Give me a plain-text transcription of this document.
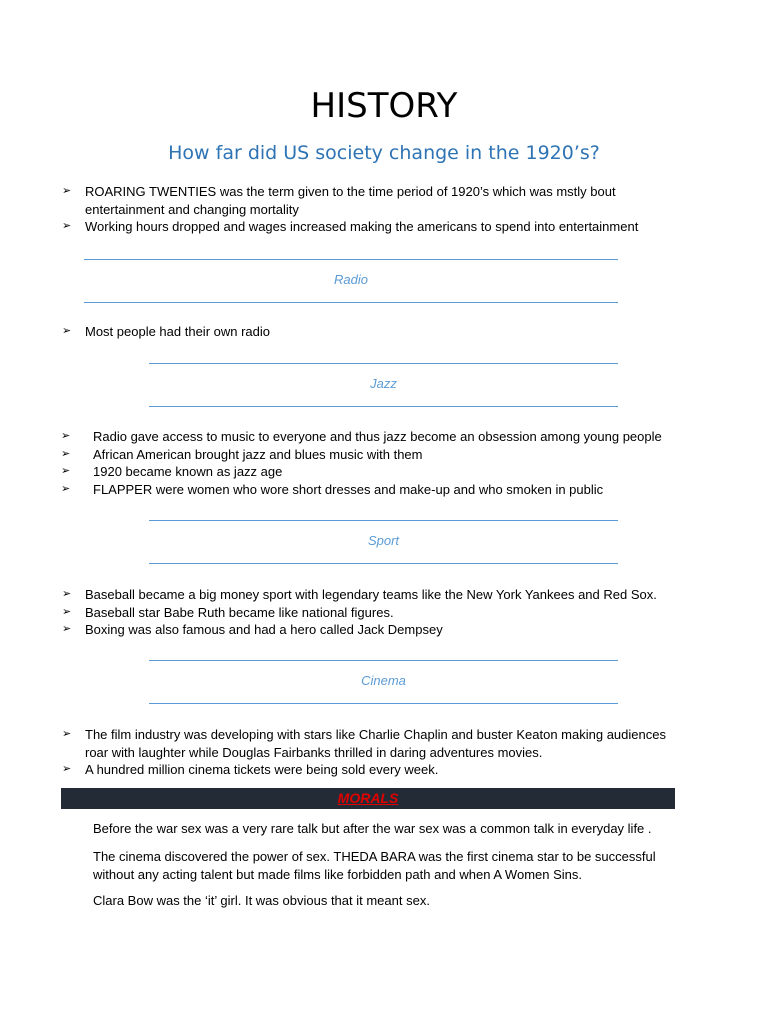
HISTORY
How far did US society change in the 1920’s?
➢ ROARING TWENTIES was the term given to the time period of 1920’s which was mstly bout entertainment and changing mortality
➢ Working hours dropped and wages increased making the americans to spend into entertainment
Radio
➢ Most people had their own radio
Jazz
➢ Radio gave access to music to everyone and thus jazz become an obsession among young people
➢ African American brought jazz and blues music with them
➢ 1920 became known as jazz age
➢ FLAPPER were women who wore short dresses and make-up and who smoken in public
Sport
➢ Baseball became a big money sport with legendary teams like the New York Yankees and Red Sox.
➢ Baseball star Babe Ruth became like national figures.
➢ Boxing was also famous and had a hero called Jack Dempsey
Cinema
➢ The film industry was developing with stars like Charlie Chaplin and buster Keaton making audiences roar with laughter while Douglas Fairbanks thrilled in daring adventures movies.
➢ A hundred million cinema tickets were being sold every week.
MORALS

Before the war sex was a very rare talk but after the war sex was a common talk in everyday life .

The cinema discovered the power of sex. THEDA BARA was the first cinema star to be successful without any acting talent but made films like forbidden path and when A Women Sins.

Clara Bow was the ‘it’ girl. It was obvious that it meant sex.
